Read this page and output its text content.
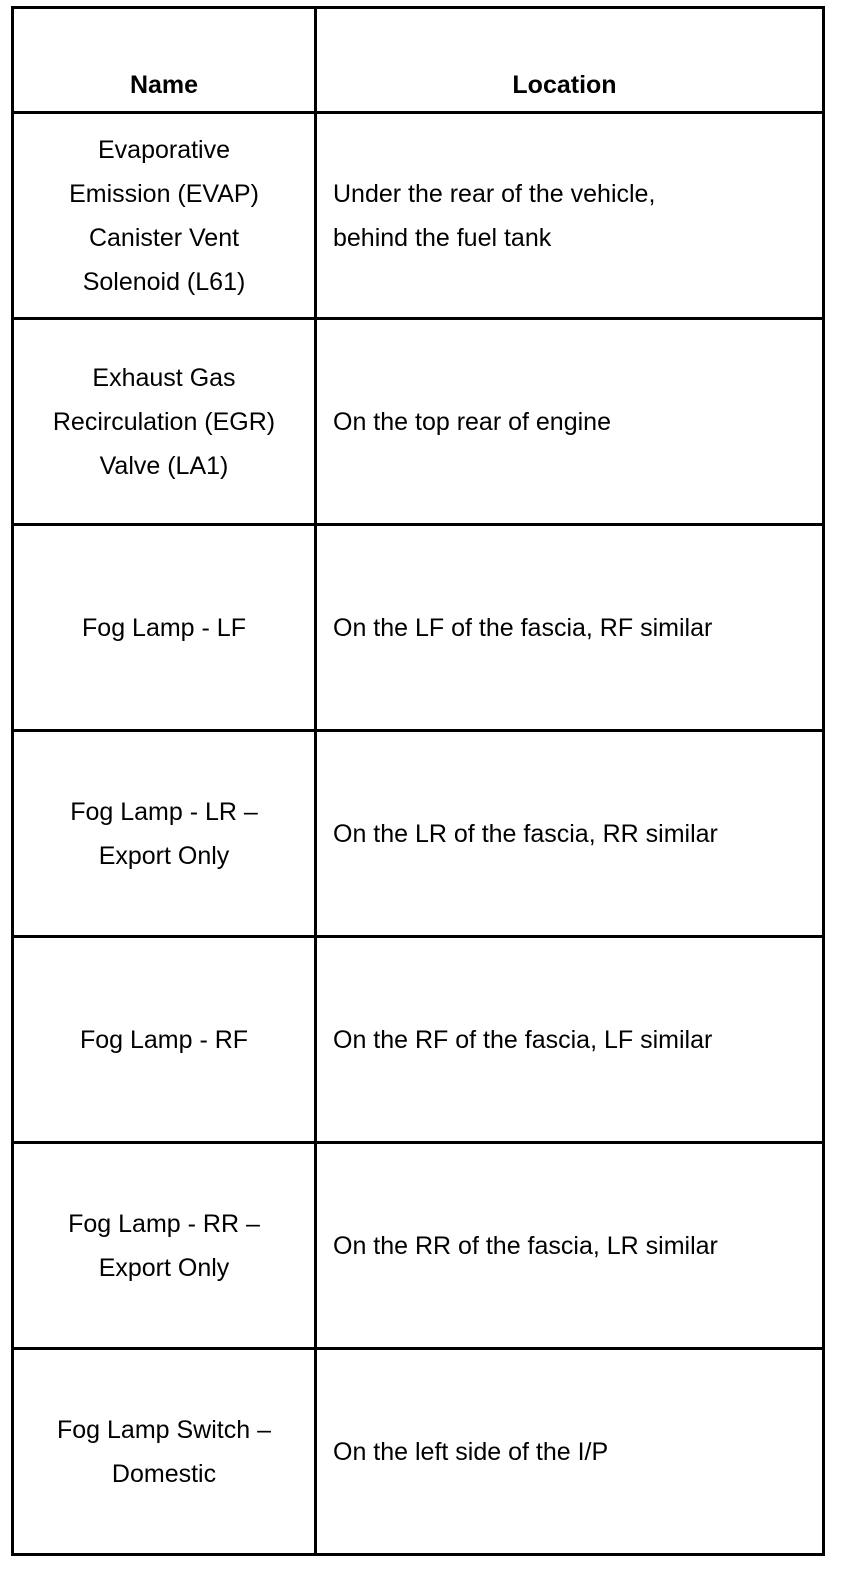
Name	Location

Evaporative
Emission (EVAP)
Canister Vent
Solenoid (L61)	Under the rear of the vehicle,
behind the fuel tank

Exhaust Gas
Recirculation (EGR)
Valve (LA1)	On the top rear of engine

Fog Lamp - LF	On the LF of the fascia, RF similar

Fog Lamp - LR –
Export Only	On the LR of the fascia, RR similar

Fog Lamp - RF	On the RF of the fascia, LF similar

Fog Lamp - RR –
Export Only	On the RR of the fascia, LR similar

Fog Lamp Switch –
Domestic	On the left side of the I/P
